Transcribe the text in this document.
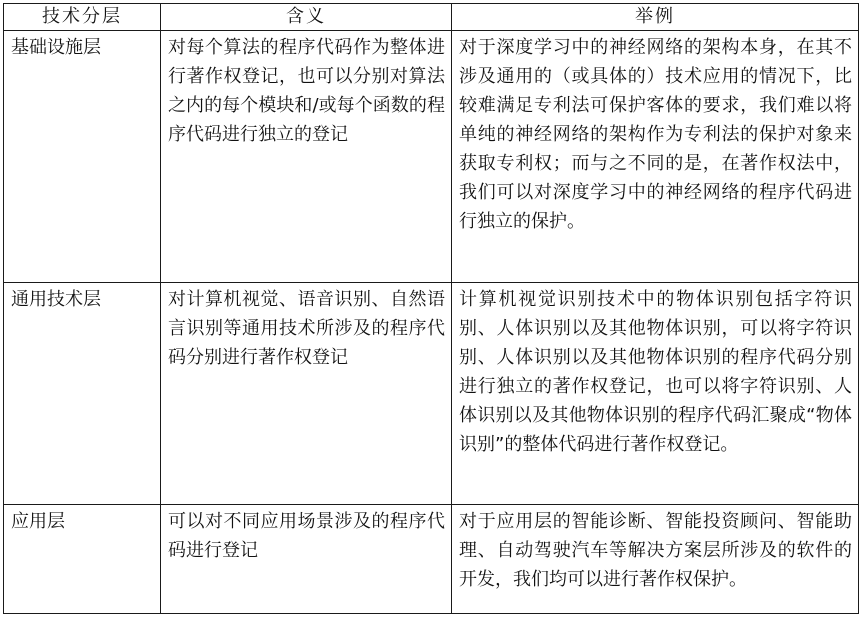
技术分层	含义	举例
基础设施层	对每个算法的程序代码作为整体进行著作权登记，也可以分别对算法之内的每个模块和/或每个函数的程序代码进行独立的登记	对于深度学习中的神经网络的架构本身，在其不涉及通用的（或具体的）技术应用的情况下，比较难满足专利法可保护客体的要求，我们难以将单纯的神经网络的架构作为专利法的保护对象来获取专利权；而与之不同的是，在著作权法中，我们可以对深度学习中的神经网络的程序代码进行独立的保护。
通用技术层	对计算机视觉、语音识别、自然语言识别等通用技术所涉及的程序代码分别进行著作权登记	计算机视觉识别技术中的物体识别包括字符识别、人体识别以及其他物体识别，可以将字符识别、人体识别以及其他物体识别的程序代码分别进行独立的著作权登记，也可以将字符识别、人体识别以及其他物体识别的程序代码汇聚成“物体识别”的整体代码进行著作权登记。
应用层	可以对不同应用场景涉及的程序代码进行登记	对于应用层的智能诊断、智能投资顾问、智能助理、自动驾驶汽车等解决方案层所涉及的软件的开发，我们均可以进行著作权保护。
